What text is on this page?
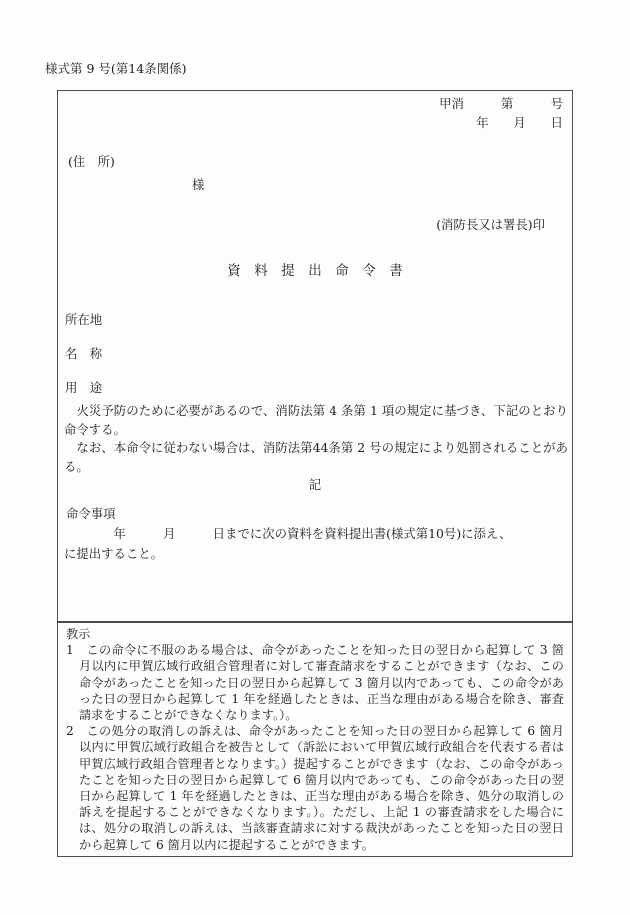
様式第 9 号(第14条関係)
甲消　　　第　　　号
年　　月　　日
(住　所)
様
(消防長又は署長)印
資　料　提　出　命　令　書
所在地
名　称
用　途
　火災予防のために必要があるので、消防法第 4 条第 1 項の規定に基づき、下記のとおり命令する。
　なお、本命令に従わない場合は、消防法第44条第 2 号の規定により処罰されることがある。
記
命令事項
　　　　年　　　月　　　日までに次の資料を資料提出書(様式第10号)に添え、
に提出すること。
教示
1　この命令に不服のある場合は、命令があったことを知った日の翌日から起算して 3 箇月以内に甲賀広域行政組合管理者に対して審査請求をすることができます（なお、この命令があったことを知った日の翌日から起算して 3 箇月以内であっても、この命令があった日の翌日から起算して 1 年を経過したときは、正当な理由がある場合を除き、審査請求をすることができなくなります。）。
2　この処分の取消しの訴えは、命令があったことを知った日の翌日から起算して 6 箇月以内に甲賀広域行政組合を被告として（訴訟において甲賀広域行政組合を代表する者は甲賀広域行政組合管理者となります。）提起することができます（なお、この命令があったことを知った日の翌日から起算して 6 箇月以内であっても、この命令があった日の翌日から起算して 1 年を経過したときは、正当な理由がある場合を除き、処分の取消しの訴えを提起することができなくなります。）。ただし、上記 1 の審査請求をした場合には、処分の取消しの訴えは、当該審査請求に対する裁決があったことを知った日の翌日から起算して 6 箇月以内に提起することができます。
